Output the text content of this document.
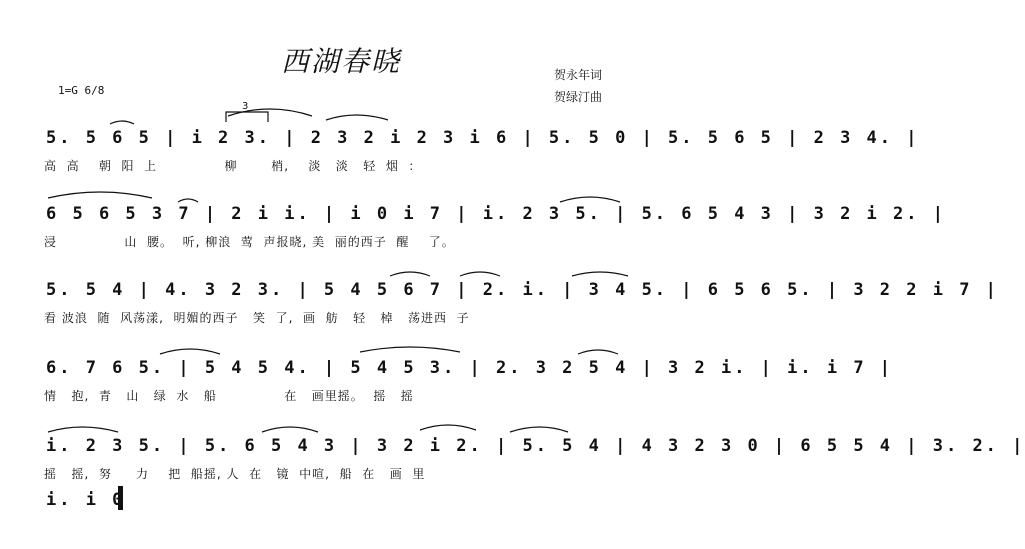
西湖春晓	贺永年词
贺绿汀曲
1=G 6/8
3
5. 5 6 5 | i 2 3. | 2 3 2 i 2 3 i 6 | 5. 5 0 | 5. 5 6 5 | 2 3 4. |
高  高    朝  阳  上              柳       梢,    淡   淡   轻  烟  ：
6 5 6 5 3 7 | 2 i i. | i 0 i 7 | i. 2 3 5. | 5. 6 5 4 3 | 3 2 i 2. |
浸              山  腰。  听, 柳浪  莺  声报晓, 美  丽的西子  醒    了。
5. 5 4 | 4. 3 2 3. | 5 4 5 6 7 | 2. i. | 3 4 5. | 6 5 6 5. | 3 2 2 i 7 |
看 波浪  随  风荡漾,  明媚的西子   笑  了,  画  舫   轻   棹   荡进西  子
6. 7 6 5. | 5 4 5 4. | 5 4 5 3. | 2. 3 2 5 4 | 3 2 i. | i. i 7 |
情   抱,  青   山   绿  水   船              在   画里摇。  摇   摇
i. 2 3 5. | 5. 6 5 4 3 | 3 2 i 2. | 5. 5 4 | 4 3 2 3 0 | 6 5 5 4 | 3. 2. |
摇   摇,  努     力    把  船摇, 人  在   镜  中喧,  船  在   画  里
i. i 0
